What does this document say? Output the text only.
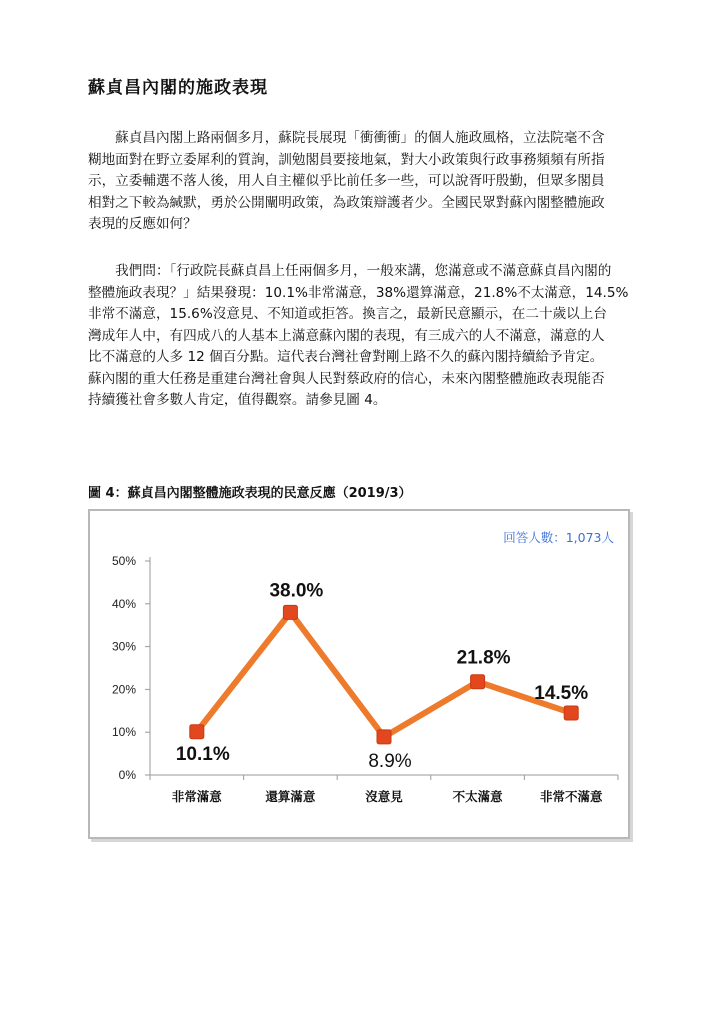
蘇貞昌內閣的施政表現

　　蘇貞昌內閣上路兩個多月，蘇院長展現「衝衝衝」的個人施政風格，立法院毫不含
糊地面對在野立委犀利的質詢，訓勉閣員要接地氣，對大小政策與行政事務頻頻有所指
示，立委輔選不落人後，用人自主權似乎比前任多一些，可以說胥吁殷勤，但眾多閣員
相對之下較為緘默，勇於公開闡明政策，為政策辯護者少。全國民眾對蘇內閣整體施政
表現的反應如何？

　　我們問：「行政院長蘇貞昌上任兩個多月，一般來講，您滿意或不滿意蘇貞昌內閣的
整體施政表現？」結果發現：10.1%非常滿意，38%還算滿意，21.8%不太滿意，14.5%
非常不滿意，15.6%沒意見、不知道或拒答。換言之，最新民意顯示，在二十歲以上台
灣成年人中，有四成八的人基本上滿意蘇內閣的表現，有三成六的人不滿意，滿意的人
比不滿意的人多 12 個百分點。這代表台灣社會對剛上路不久的蘇內閣持續給予肯定。
蘇內閣的重大任務是重建台灣社會與人民對蔡政府的信心，未來內閣整體施政表現能否
持續獲社會多數人肯定，值得觀察。請參見圖 4。

圖 4：蘇貞昌內閣整體施政表現的民意反應（2019/3）
回答人數：1,073人
0%
10%
20%
30%
40%
50%
非常滿意	還算滿意	沒意見	不太滿意	非常不滿意
10.1%
38.0%
8.9%
21.8%
14.5%
